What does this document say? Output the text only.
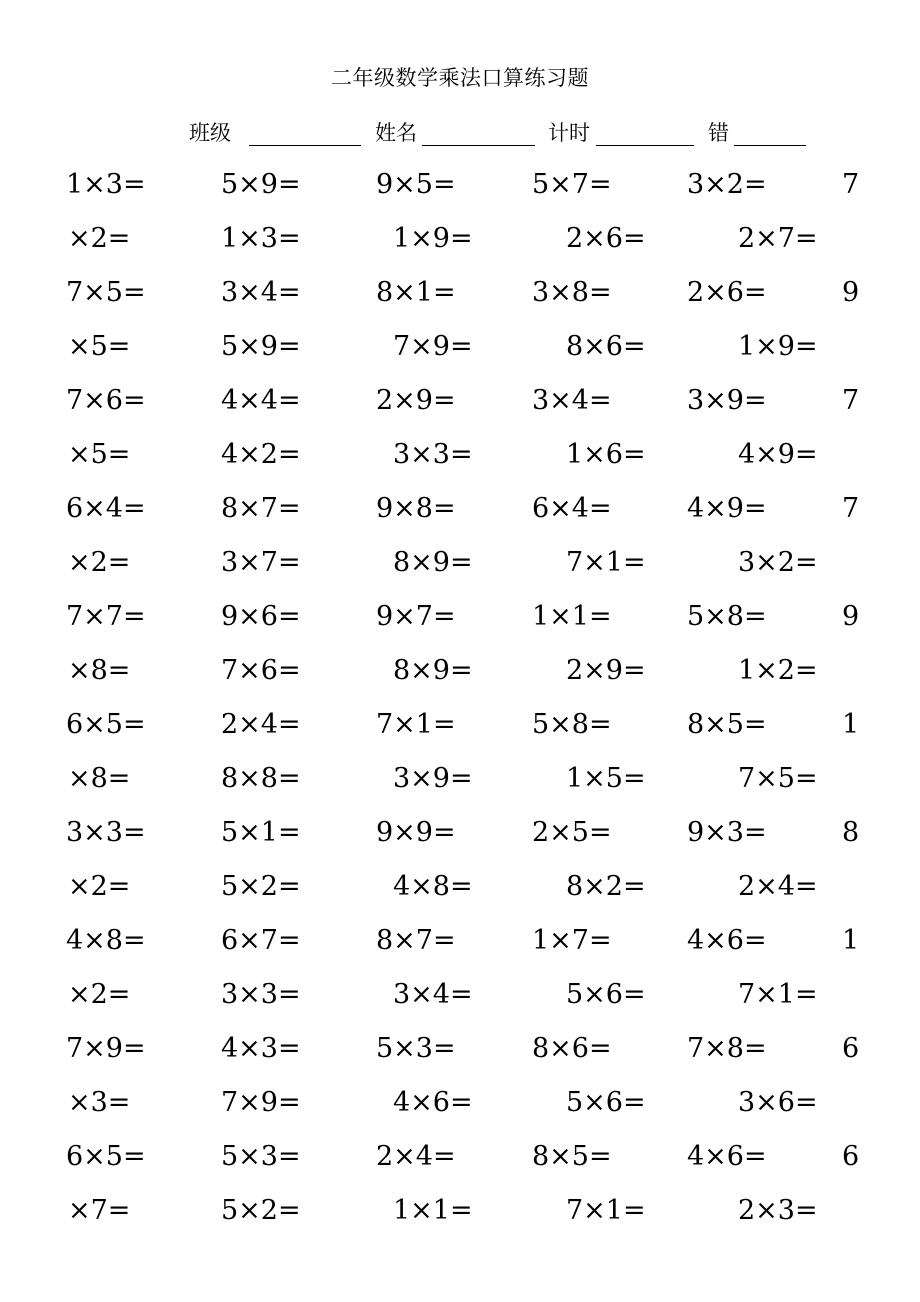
二年级数学乘法口算练习题
班级	姓名	计时	错
1×3=	5×9=	9×5=	5×7=	3×2=	7
×2=	1×3=	1×9=	2×6=	2×7=
7×5=	3×4=	8×1=	3×8=	2×6=	9
×5=	5×9=	7×9=	8×6=	1×9=
7×6=	4×4=	2×9=	3×4=	3×9=	7
×5=	4×2=	3×3=	1×6=	4×9=
6×4=	8×7=	9×8=	6×4=	4×9=	7
×2=	3×7=	8×9=	7×1=	3×2=
7×7=	9×6=	9×7=	1×1=	5×8=	9
×8=	7×6=	8×9=	2×9=	1×2=
6×5=	2×4=	7×1=	5×8=	8×5=	1
×8=	8×8=	3×9=	1×5=	7×5=
3×3=	5×1=	9×9=	2×5=	9×3=	8
×2=	5×2=	4×8=	8×2=	2×4=
4×8=	6×7=	8×7=	1×7=	4×6=	1
×2=	3×3=	3×4=	5×6=	7×1=
7×9=	4×3=	5×3=	8×6=	7×8=	6
×3=	7×9=	4×6=	5×6=	3×6=
6×5=	5×3=	2×4=	8×5=	4×6=	6
×7=	5×2=	1×1=	7×1=	2×3=
